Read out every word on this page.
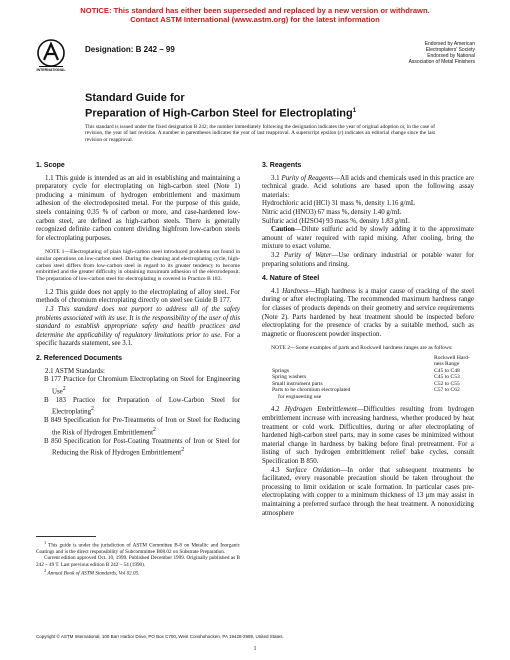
NOTICE: This standard has either been superseded and replaced by a new version or withdrawn.
Contact ASTM International (www.astm.org) for the latest information
INTERNATIONAL
Designation: B 242 – 99
Endorsed by American
Electroplaters' Society
Endorsed by National
Association of Metal Finishers
Standard Guide for
Preparation of High-Carbon Steel for Electroplating$^1$
This standard is issued under the fixed designation B 242; the number immediately following the designation indicates the year of original adoption or, in the case of revision, the year of last revision. A number in parentheses indicates the year of last reapproval. A superscript epsilon (ε) indicates an editorial change since the last revision or reapproval.

1. Scope

1.1 This guide is intended as an aid in establishing and maintaining a preparatory cycle for electroplating on high-carbon steel (Note 1) producing a minimum of hydrogen embrittlement and maximum adhesion of the electrodeposited metal. For the purpose of this guide, steels containing 0.35 % of carbon or more, and case-hardened low-carbon steel, are defined as high-carbon steels. There is generally recognized definite carbon content dividing highfrom low-carbon steels for electroplating purposes.

NOTE 1—Electroplating of plain high-carbon steel introduced problems not found in similar operations on low-carbon steel. During the cleaning and electroplating cycle, high-carbon steel differs from low-carbon steel in regard to its greater tendency to become embrittled and the greater difficulty in obtaining maximum adhesion of the electrodeposit. The preparation of low-carbon steel for electroplating is covered in Practice B 183.

1.2 This guide does not apply to the electroplating of alloy steel. For methods of chromium electroplating directly on steel see Guide B 177.

1.3 This standard does not purport to address all of the safety problems associated with its use. It is the responsibility of the user of this standard to establish appropriate safety and health practices and determine the applicability of regulatory limitations prior to use. For a specific hazards statement, see 3.1.

2. Referenced Documents

2.1 ASTM Standards:

B 177 Practice for Chromium Electroplating on Steel for Engineering Use$^2$

B 183 Practice for Preparation of Low-Carbon Steel for Electroplating$^2$

B 849 Specification for Pre-Treatments of Iron or Steel for Reducing the Risk of Hydrogen Embrittlement$^2$

B 850 Specification for Post-Coating Treatments of Iron or Steel for Reducing the Risk of Hydrogen Embrittlement$^2$

$^1$ This guide is under the jurisdiction of ASTM Committee B-8 on Metallic and Inorganic Coatings and is the direct responsibility of Subcommittee B08.02 on Substrate Preparation.

Current edition approved Oct. 10, 1999. Published December 1999. Originally published as B 242 – 49 T. Last previous edition B 242 – 54 (1990).

$^2$ Annual Book of ASTM Standards, Vol 02.05.

3. Reagents

3.1 Purity of Reagents—All acids and chemicals used in this practice are technical grade. Acid solutions are based upon the following assay materials:

Hydrochloric acid (HCl) 31 mass %, density 1.16 g/mL

Nitric acid (HNO3) 67 mass %, density 1.40 g/mL

Sulfuric acid (H2SO4) 93 mass %, density 1.83 g/mL

Caution—Dilute sulfuric acid by slowly adding it to the approximate amount of water required with rapid mixing. After cooling, bring the mixture to exact volume.

3.2 Purity of Water—Use ordinary industrial or potable water for preparing solutions and rinsing.

4. Nature of Steel

4.1 Hardness—High hardness is a major cause of cracking of the steel during or after electroplating. The recommended maximum hardness range for classes of products depends on their geometry and service requirements (Note 2). Parts hardened by heat treatment should be inspected before electroplating for the presence of cracks by a suitable method, such as magnetic or fluorescent powder inspection.

NOTE 2—Some examples of parts and Rockwell hardness ranges are as follows:

	Rockwell Hard-
	ness Range
Springs	C45 to C48
Spring washers	C45 to C53
Small instrument parts	C52 to C55
Parts to be chromium electroplated	C57 to C62
for engineering use	

4.2 Hydrogen Embrittlement—Difficulties resulting from hydrogen embrittlement increase with increasing hardness, whether produced by heat treatment or cold work. Difficulties, during or after electroplating of hardened high-carbon steel parts, may in some cases be minimized without material change in hardness by baking before final pretreatment. For a listing of such hydrogen embrittlement relief bake cycles, consult Specification B 850.

4.3 Surface Oxidation—In order that subsequent treatments be facilitated, every reasonable precaution should be taken throughout the processing to limit oxidation or scale formation. In particular cases pre-electroplating with copper to a minimum thickness of 13 μm may assist in maintaining a preferred surface through the heat treatment. A nonoxidizing atmosphere

Copyright © ASTM International, 100 Barr Harbor Drive, PO Box C700, West Conshohocken, PA 19428-2959, United States.
1
